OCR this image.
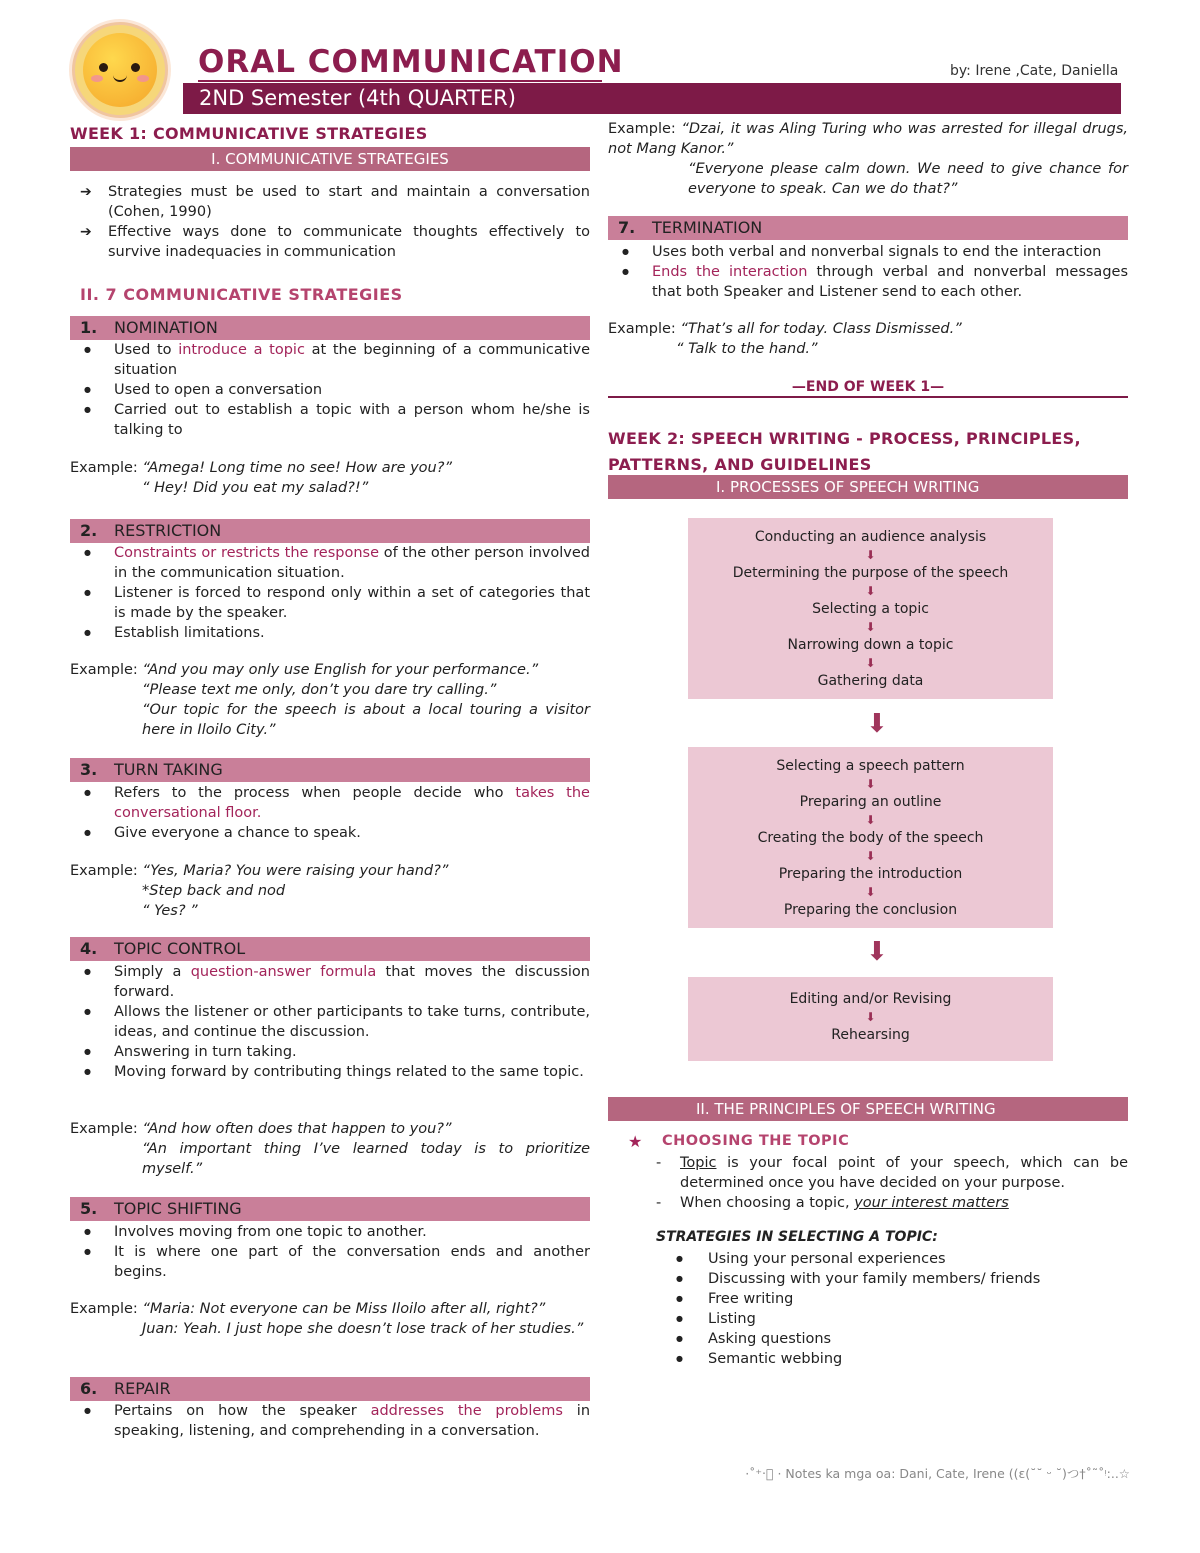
ORAL COMMUNICATION	by: Irene ,Cate, Daniella
2ND Semester (4th QUARTER)
WEEK 1: COMMUNICATIVE STRATEGIES
I. COMMUNICATIVE STRATEGIES
➔ Strategies must be used to start and maintain a conversation (Cohen, 1990)
➔ Effective ways done to communicate thoughts effectively to survive inadequacies in communication
II. 7 COMMUNICATIVE STRATEGIES
1. NOMINATION
● Used to introduce a topic at the beginning of a communicative situation
● Used to open a conversation
● Carried out to establish a topic with a person whom he/she is talking to
Example: “Amega! Long time no see! How are you?”
“ Hey! Did you eat my salad?!”
2. RESTRICTION
● Constraints or restricts the response of the other person involved in the communication situation.
● Listener is forced to respond only within a set of categories that is made by the speaker.
● Establish limitations.
Example: “And you may only use English for your performance.”
“Please text me only, don’t you dare try calling.”
“Our topic for the speech is about a local touring a visitor here in Iloilo City.”
3. TURN TAKING
● Refers to the process when people decide who takes the conversational floor.
● Give everyone a chance to speak.
Example: “Yes, Maria? You were raising your hand?”
*Step back and nod
“ Yes? ”
4. TOPIC CONTROL
● Simply a question-answer formula that moves the discussion forward.
● Allows the listener or other participants to take turns, contribute, ideas, and continue the discussion.
● Answering in turn taking.
● Moving forward by contributing things related to the same topic.
Example: “And how often does that happen to you?”
“An important thing I’ve learned today is to prioritize myself.”
5. TOPIC SHIFTING
● Involves moving from one topic to another.
● It is where one part of the conversation ends and another begins.
Example: “Maria: Not everyone can be Miss Iloilo after all, right?”
Juan: Yeah. I just hope she doesn’t lose track of her studies.”
6. REPAIR
● Pertains on how the speaker addresses the problems in speaking, listening, and comprehending in a conversation.
Example: “Dzai, it was Aling Turing who was arrested for illegal drugs, not Mang Kanor.”
“Everyone please calm down. We need to give chance for everyone to speak. Can we do that?”
7. TERMINATION
● Uses both verbal and nonverbal signals to end the interaction
● Ends the interaction through verbal and nonverbal messages that both Speaker and Listener send to each other.
Example: “That’s all for today. Class Dismissed.”
“ Talk to the hand.”
—END OF WEEK 1—
WEEK 2: SPEECH WRITING - PROCESS, PRINCIPLES, PATTERNS, AND GUIDELINES
I. PROCESSES OF SPEECH WRITING
Conducting an audience analysis
⬇
Determining the purpose of the speech
⬇
Selecting a topic
⬇
Narrowing down a topic
⬇
Gathering data
⬇
Selecting a speech pattern
⬇
Preparing an outline
⬇
Creating the body of the speech
⬇
Preparing the introduction
⬇
Preparing the conclusion
⬇
Editing and/or Revising
⬇
Rehearsing
II. THE PRINCIPLES OF SPEECH WRITING
★ CHOOSING THE TOPIC
- Topic is your focal point of your speech, which can be determined once you have decided on your purpose.
- When choosing a topic, your interest matters
STRATEGIES IN SELECTING A TOPIC:
● Using your personal experiences
● Discussing with your family members/ friends
● Free writing
● Listing
● Asking questions
● Semantic webbing
·˚⁺‧͙ · Notes ka mga oa: Dani, Cate, Irene ((ε(˘˘ ᵕ ˘)つ†˚˜˚ᵎ:..☆
